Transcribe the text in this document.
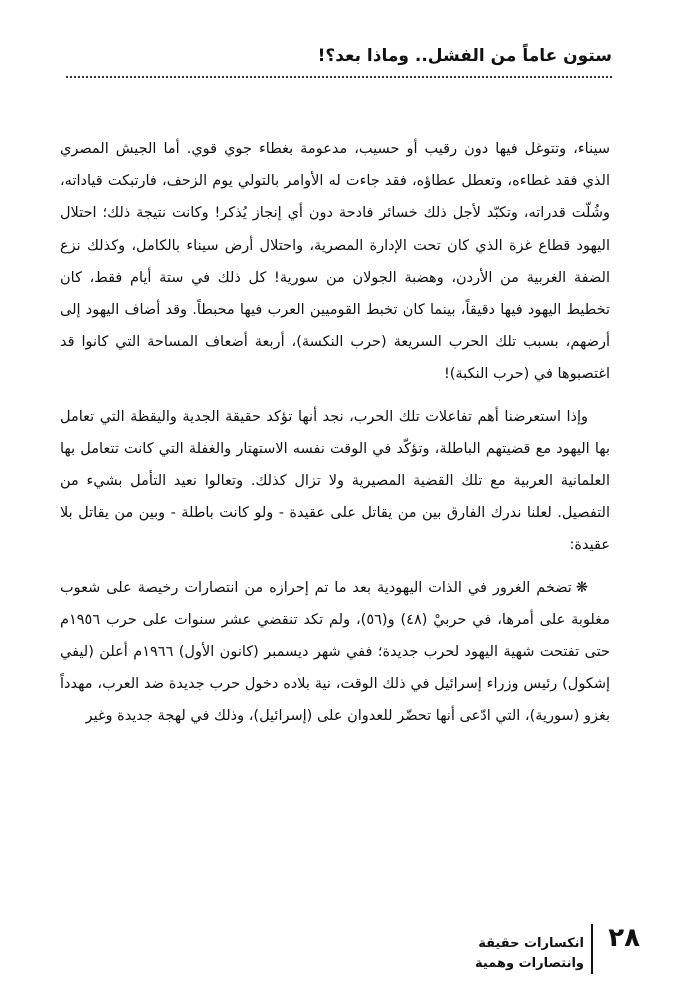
ستون عاماً من الفشل.. وماذا بعد؟!

سيناء، وتتوغل فيها دون رقيب أو حسيب، مدعومة بغطاء جوي قوي. أما الجيش المصري الذي فقد غطاءه، وتعطل عطاؤه، فقد جاءت له الأوامر بالتولي يوم الزحف، فارتبكت قياداته، وشُلّت قدراته، وتكبّد لأجل ذلك خسائر فادحة دون أي إنجاز يُذكر! وكانت نتيجة ذلك؛ احتلال اليهود قطاع غزة الذي كان تحت الإدارة المصرية، واحتلال أرض سيناء بالكامل، وكذلك نزع الضفة الغربية من الأردن، وهضبة الجولان من سورية! كل ذلك في ستة أيام فقط، كان تخطيط اليهود فيها دقيقاً، بينما كان تخبط القوميين العرب فيها محبطاً. وقد أضاف اليهود إلى أرضهم، بسبب تلك الحرب السريعة (حرب النكسة)، أربعة أضعاف المساحة التي كانوا قد اغتصبوها في (حرب النكبة)!

وإذا استعرضنا أهم تفاعلات تلك الحرب، نجد أنها تؤكد حقيقة الجدية واليقظة التي تعامل بها اليهود مع قضيتهم الباطلة، وتؤكّد في الوقت نفسه الاستهتار والغفلة التي كانت تتعامل بها العلمانية العربية مع تلك القضية المصيرية ولا تزال كذلك. وتعالوا نعيد التأمل بشيء من التفصيل. لعلنا ندرك الفارق بين من يقاتل على عقيدة - ولو كانت باطلة - وبين من يقاتل بلا عقيدة:

❋تضخم الغرور في الذات اليهودية بعد ما تم إحرازه من انتصارات رخيصة على شعوب مغلوبة على أمرها، في حربيْ (٤٨) و(٥٦)، ولم تكد تنقضي عشر سنوات على حرب ١٩٥٦م حتى تفتحت شهية اليهود لحرب جديدة؛ ففي شهر ديسمبر (كانون الأول) ١٩٦٦م أعلن (ليفي إشكول) رئيس وزراء إسرائيل في ذلك الوقت، نية بلاده دخول حرب جديدة ضد العرب، مهدداً بغزو (سورية)، التي ادّعى أنها تحضّر للعدوان على (إسرائيل)، وذلك في لهجة جديدة وغير

٢٨
انكسارات حقيقة
وانتصارات وهمية
